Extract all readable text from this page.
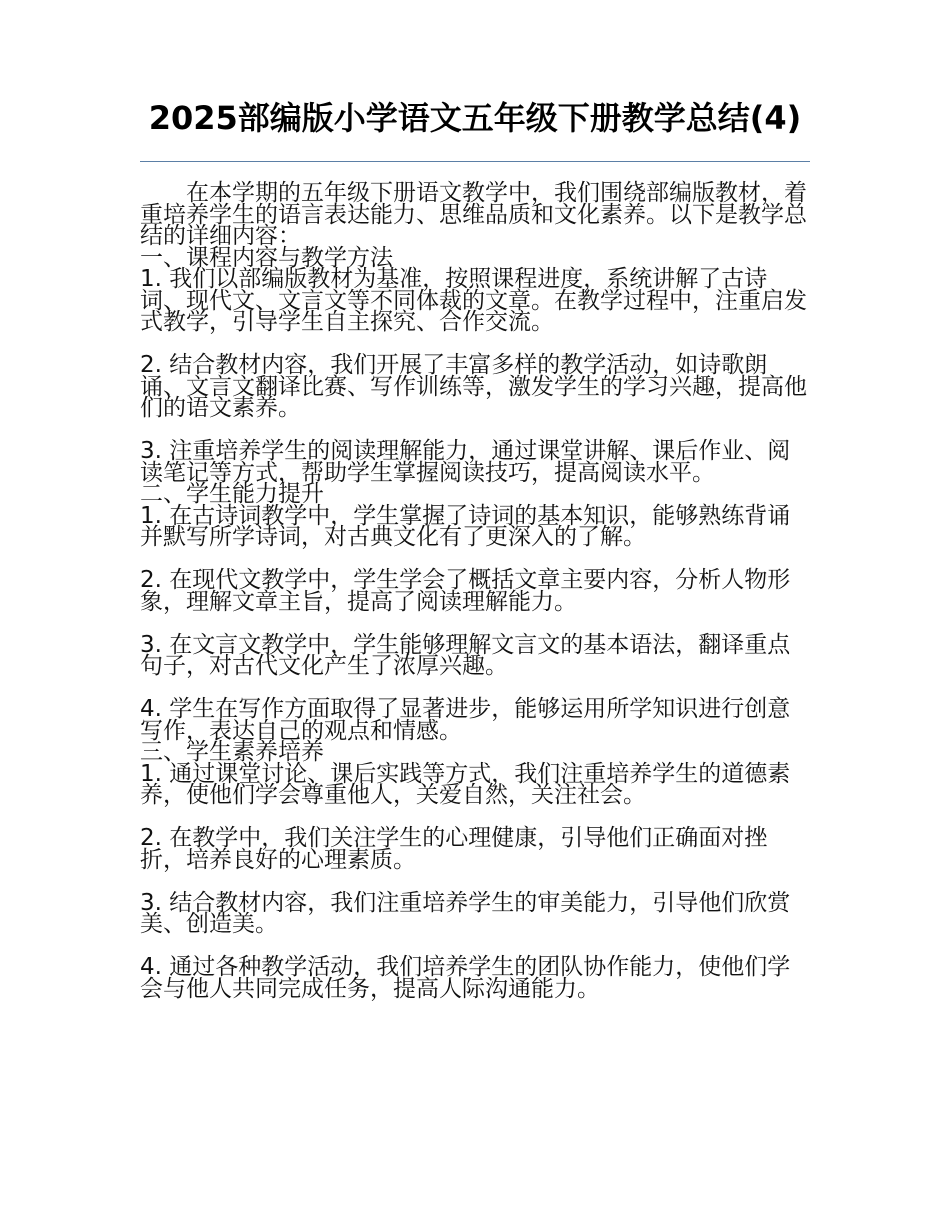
2025部编版小学语文五年级下册教学总结(4)

在本学期的五年级下册语文教学中，我们围绕部编版教材，着重培养学生的语言表达能力、思维品质和文化素养。以下是教学总结的详细内容：

一、课程内容与教学方法

1. 我们以部编版教材为基准，按照课程进度，系统讲解了古诗词、现代文、文言文等不同体裁的文章。在教学过程中，注重启发式教学，引导学生自主探究、合作交流。

2. 结合教材内容，我们开展了丰富多样的教学活动，如诗歌朗诵、文言文翻译比赛、写作训练等，激发学生的学习兴趣，提高他们的语文素养。

3. 注重培养学生的阅读理解能力，通过课堂讲解、课后作业、阅读笔记等方式，帮助学生掌握阅读技巧，提高阅读水平。

二、学生能力提升

1. 在古诗词教学中，学生掌握了诗词的基本知识，能够熟练背诵并默写所学诗词，对古典文化有了更深入的了解。

2. 在现代文教学中，学生学会了概括文章主要内容，分析人物形象，理解文章主旨，提高了阅读理解能力。

3. 在文言文教学中，学生能够理解文言文的基本语法，翻译重点句子，对古代文化产生了浓厚兴趣。

4. 学生在写作方面取得了显著进步，能够运用所学知识进行创意写作，表达自己的观点和情感。

三、学生素养培养

1. 通过课堂讨论、课后实践等方式，我们注重培养学生的道德素养，使他们学会尊重他人，关爱自然，关注社会。

2. 在教学中，我们关注学生的心理健康，引导他们正确面对挫折，培养良好的心理素质。

3. 结合教材内容，我们注重培养学生的审美能力，引导他们欣赏美、创造美。

4. 通过各种教学活动，我们培养学生的团队协作能力，使他们学会与他人共同完成任务，提高人际沟通能力。
